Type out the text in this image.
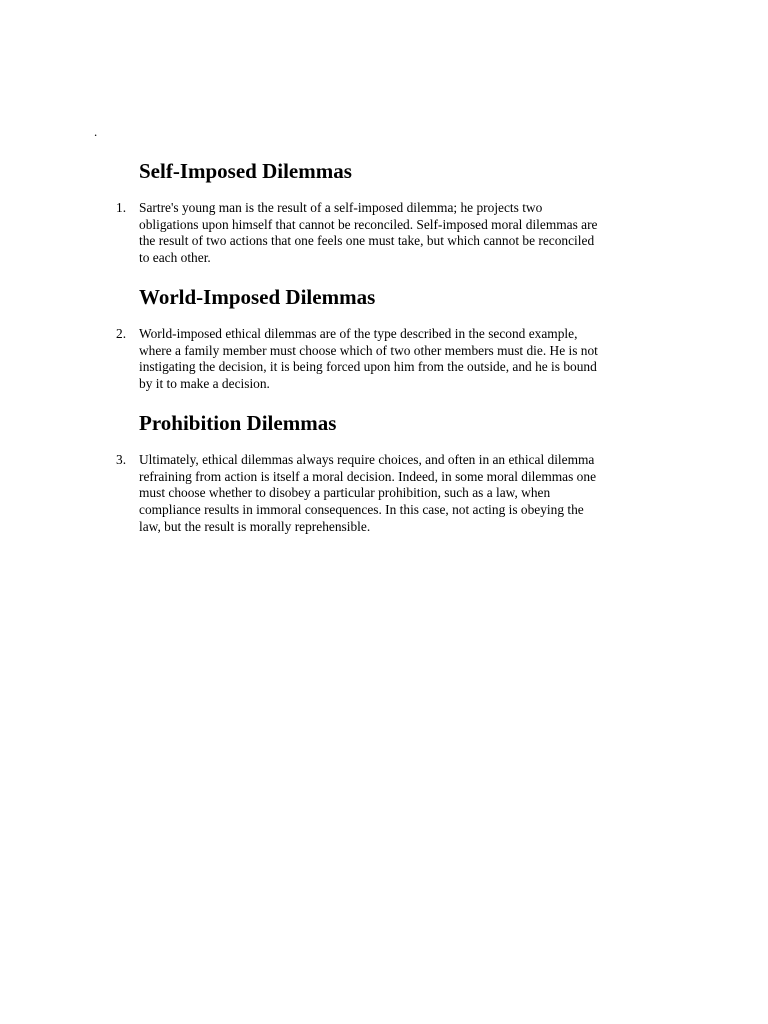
.
Self-Imposed Dilemmas
1. Sartre's young man is the result of a self-imposed dilemma; he projects two
obligations upon himself that cannot be reconciled. Self-imposed moral dilemmas are
the result of two actions that one feels one must take, but which cannot be reconciled
to each other.
World-Imposed Dilemmas
2. World-imposed ethical dilemmas are of the type described in the second example,
where a family member must choose which of two other members must die. He is not
instigating the decision, it is being forced upon him from the outside, and he is bound
by it to make a decision.
Prohibition Dilemmas
3. Ultimately, ethical dilemmas always require choices, and often in an ethical dilemma
refraining from action is itself a moral decision. Indeed, in some moral dilemmas one
must choose whether to disobey a particular prohibition, such as a law, when
compliance results in immoral consequences. In this case, not acting is obeying the
law, but the result is morally reprehensible.
